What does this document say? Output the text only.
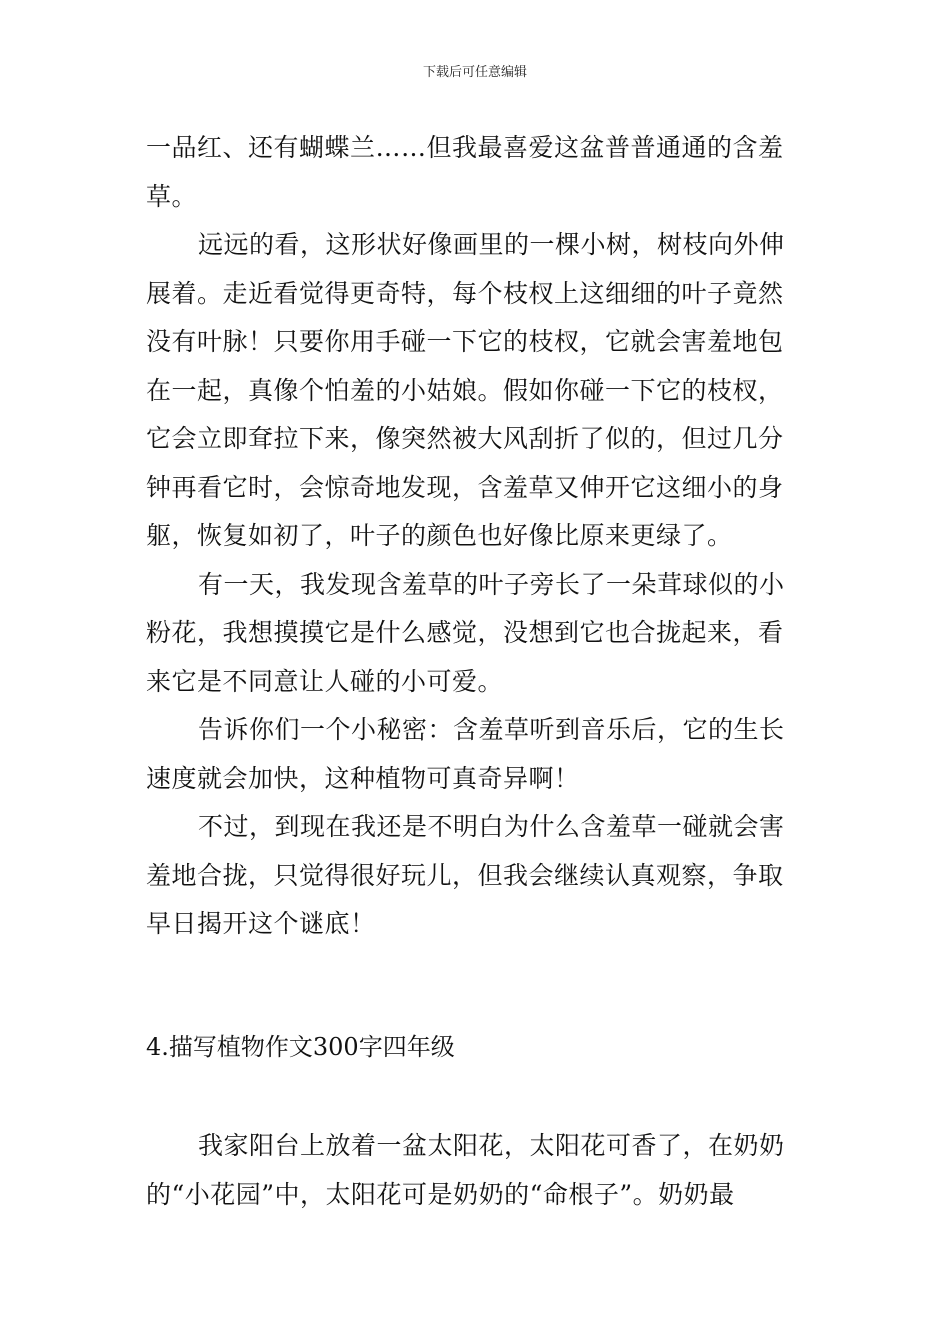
下载后可任意编辑

一品红、还有蝴蝶兰……但我最喜爱这盆普普通通的含羞草。

远远的看，这形状好像画里的一棵小树，树枝向外伸展着。走近看觉得更奇特，每个枝杈上这细细的叶子竟然没有叶脉！只要你用手碰一下它的枝杈，它就会害羞地包在一起，真像个怕羞的小姑娘。假如你碰一下它的枝杈，它会立即耷拉下来，像突然被大风刮折了似的，但过几分钟再看它时，会惊奇地发现，含羞草又伸开它这细小的身躯，恢复如初了，叶子的颜色也好像比原来更绿了。

有一天，我发现含羞草的叶子旁长了一朵茸球似的小粉花，我想摸摸它是什么感觉，没想到它也合拢起来，看来它是不同意让人碰的小可爱。

告诉你们一个小秘密：含羞草听到音乐后，它的生长速度就会加快，这种植物可真奇异啊！

不过，到现在我还是不明白为什么含羞草一碰就会害羞地合拢，只觉得很好玩儿，但我会继续认真观察，争取早日揭开这个谜底！

4.描写植物作文300字四年级

我家阳台上放着一盆太阳花，太阳花可香了，在奶奶的“小花园”中，太阳花可是奶奶的“命根子”。奶奶最
